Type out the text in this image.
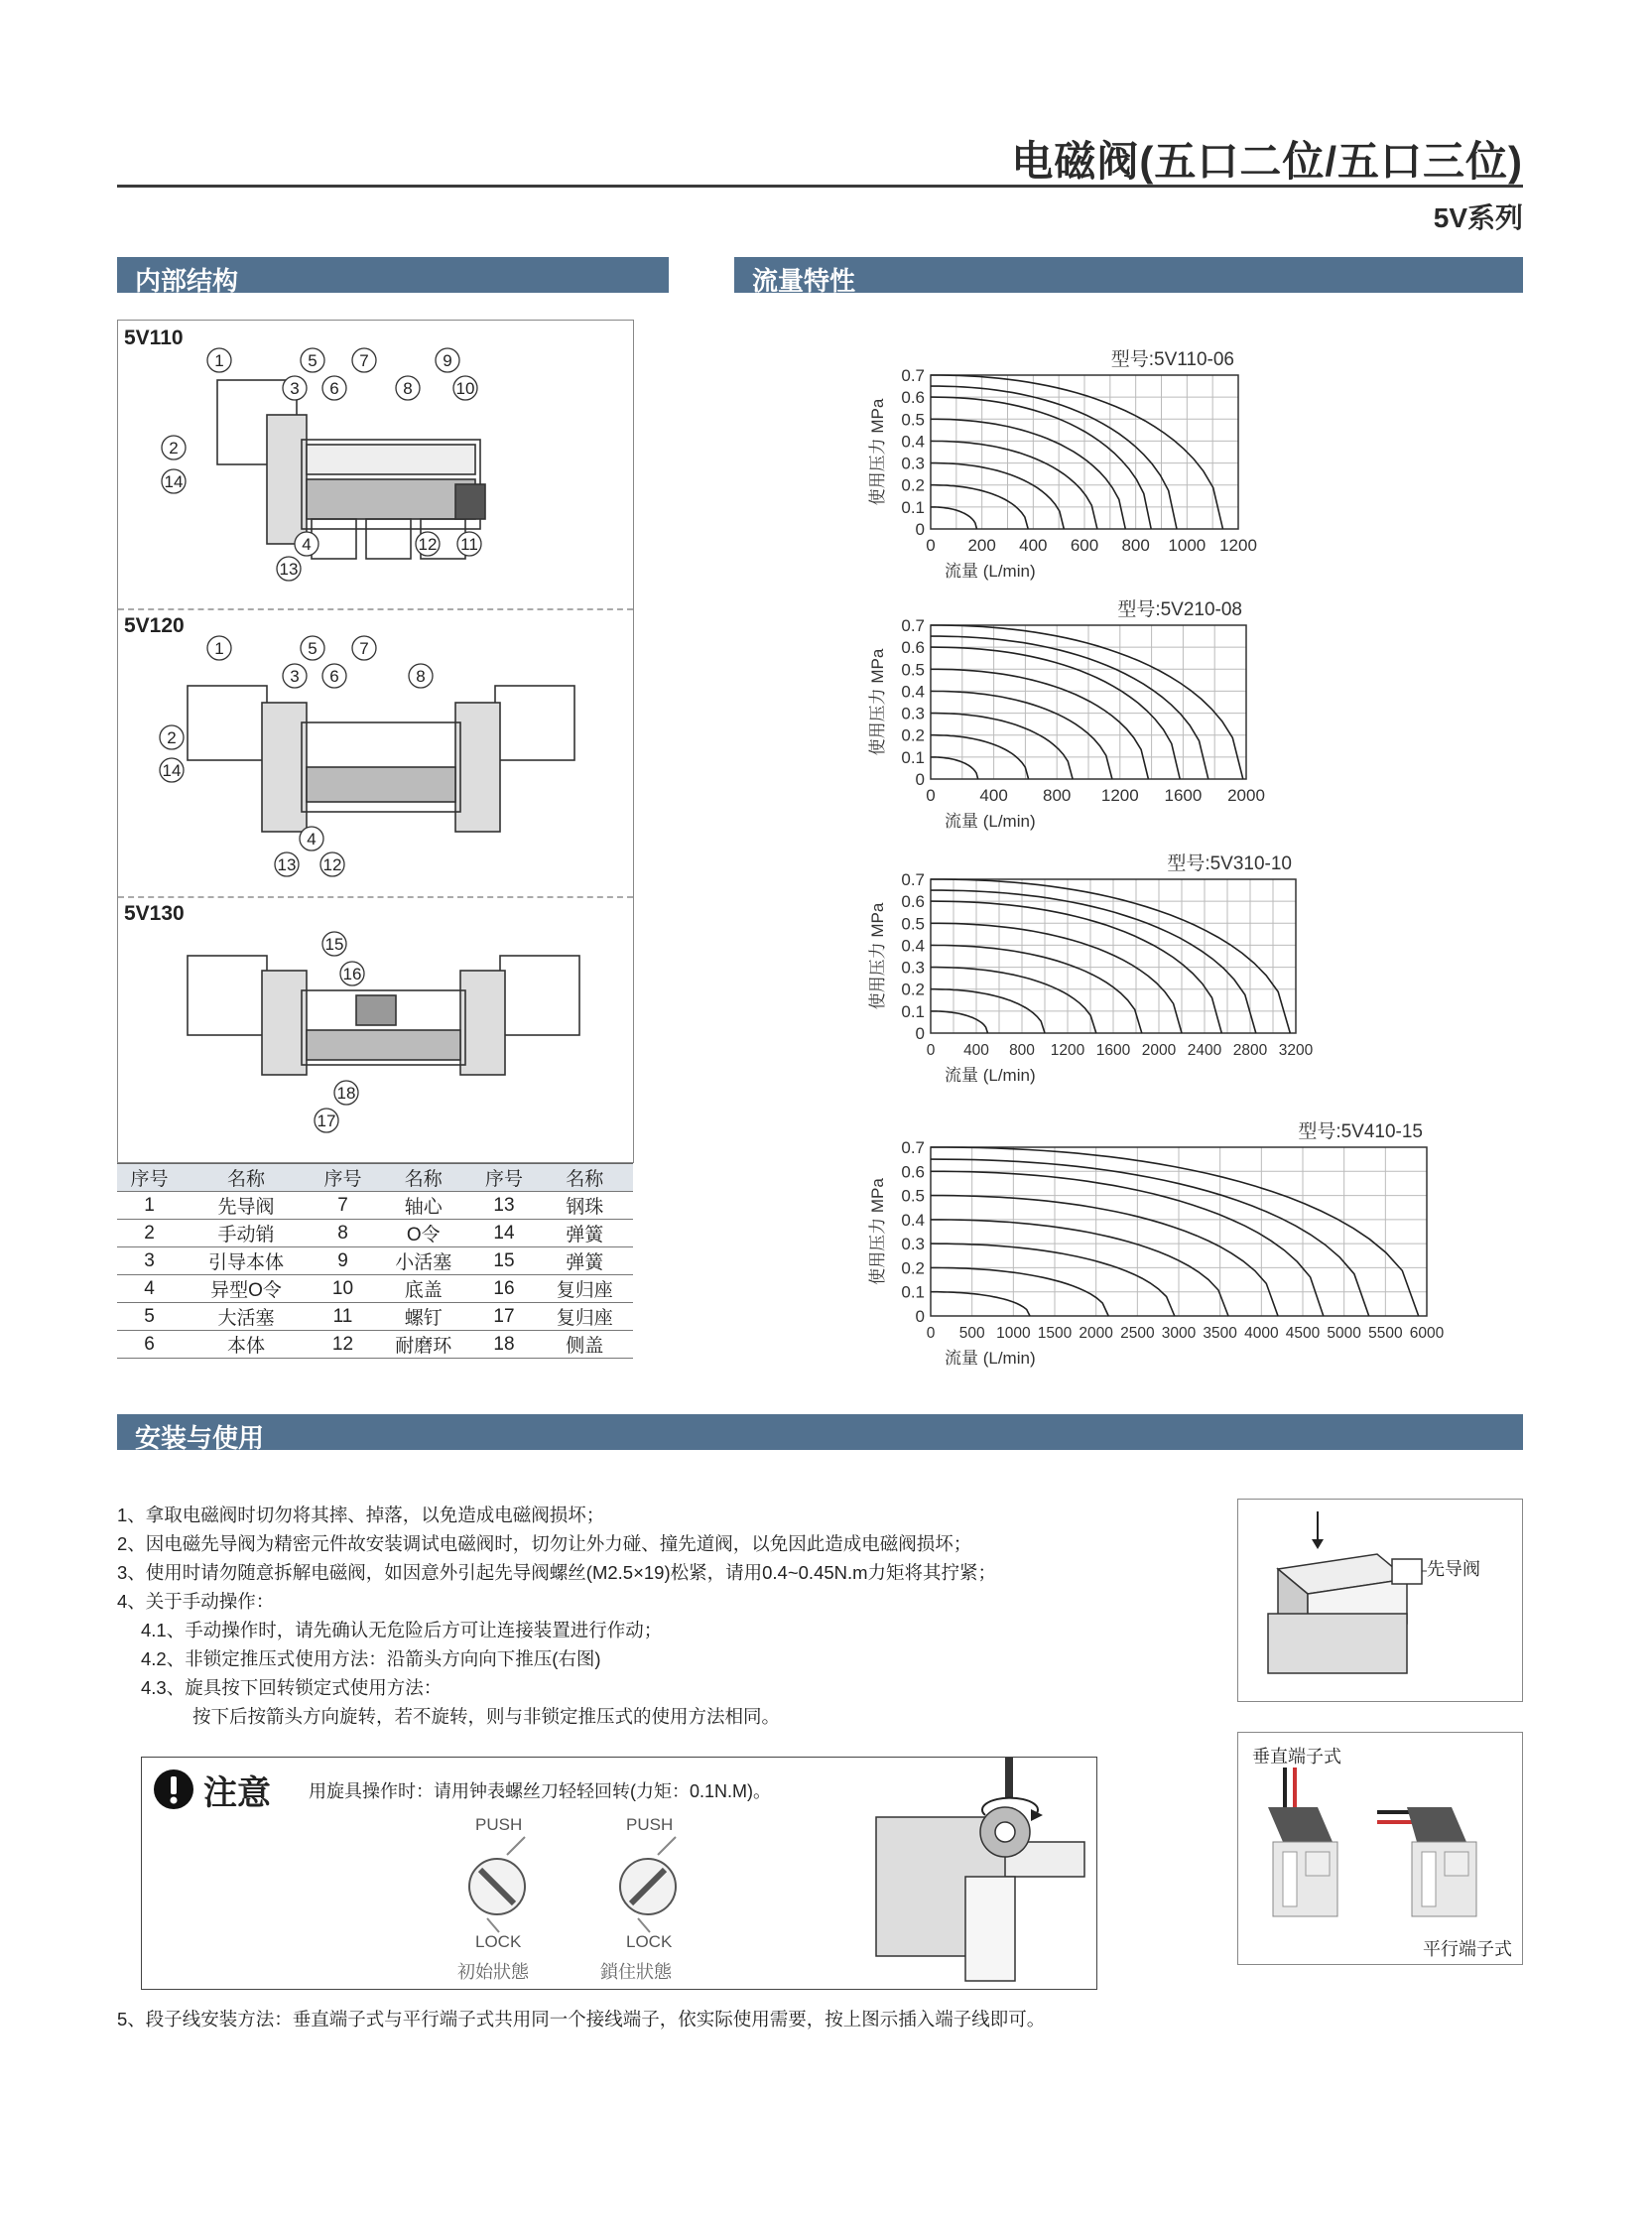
电磁阀(五口二位/五口三位)
5V系列
内部结构	流量特性
5V110
1	5	7	9
3 6	8	10
2
14
4	12 11
13
5V120
1	5	7
3 6	8
2
14
4
13 12
5V130
15
16
18
17
序号	名称	序号	名称	序号	名称
1	先导阀	7	轴心	13	钢珠
2	手动销	8	O令	14	弹簧
3	引导本体	9	小活塞	15	弹簧
4	异型O令	10	底盖	16	复归座
5	大活塞	11	螺钉	17	复归座
6	本体	12	耐磨环	18	侧盖
型号:5V110-06
0
0.1
0.2
0.3
0.4
0.5
0.6
0.7
0 200 400 600 800 1000 1200
使用压力 MPa
流量 (L/min)
型号:5V210-08
0
0.1
0.2
0.3
0.4
0.5
0.6
0.7
0	400 800 1200 1600 2000
使用压力 MPa
流量 (L/min)
型号:5V310-10
0
0.1
0.2
0.3
0.4
0.5
0.6
0.7
0 400 800 1200 1600 2000 2400 2800 3200
使用压力 MPa
流量 (L/min)
型号:5V410-15
0
0.1
0.2
0.3
0.4
0.5
0.6
0.7
0 500 1000 1500 2000 2500 3000 3500 4000 4500 5000 5500 6000
使用压力 MPa
流量 (L/min)
安装与使用
1、拿取电磁阀时切勿将其摔、掉落，以免造成电磁阀损坏；
2、因电磁先导阀为精密元件故安装调试电磁阀时，切勿让外力碰、撞先道阀，以免因此造成电磁阀损坏；
3、使用时请勿随意拆解电磁阀，如因意外引起先导阀螺丝(M2.5×19)松紧，请用0.4~0.45N.m力矩将其拧紧；
4、关于手动操作：
4.1、手动操作时，请先确认无危险后方可让连接装置进行作动；
4.2、非锁定推压式使用方法：沿箭头方向向下推压(右图)
4.3、旋具按下回转锁定式使用方法：
按下后按箭头方向旋转，若不旋转，则与非锁定推压式的使用方法相同。
先导阀
注意 用旋具操作时：请用钟表螺丝刀轻轻回转(力矩：0.1N.M)。
PUSH
LOCK
初始狀態
PUSH
LOCK
鎖住狀態
垂直端子式
平行端子式
5、段子线安装方法：垂直端子式与平行端子式共用同一个接线端子，依实际使用需要，按上图示插入端子线即可。
